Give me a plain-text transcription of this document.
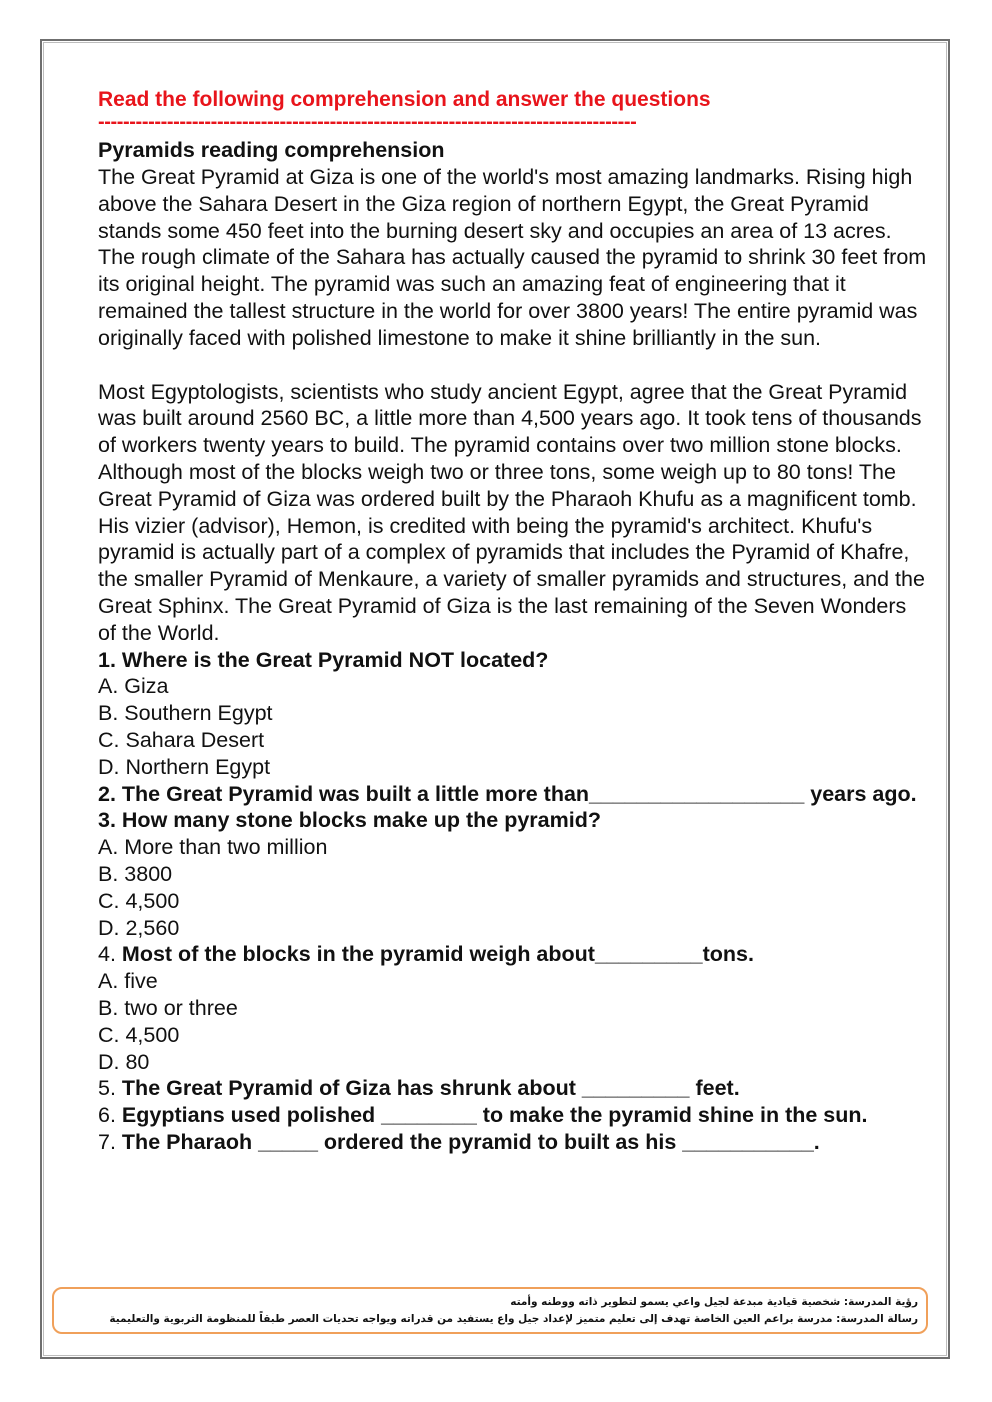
Read the following comprehension and answer the questions
--------------------------------------------------------------------------------------
Pyramids reading comprehension

The Great Pyramid at Giza is one of the world's most amazing landmarks. Rising high above the Sahara Desert in the Giza region of northern Egypt, the Great Pyramid stands some 450 feet into the burning desert sky and occupies an area of 13 acres. The rough climate of the Sahara has actually caused the pyramid to shrink 30 feet from its original height. The pyramid was such an amazing feat of engineering that it remained the tallest structure in the world for over 3800 years! The entire pyramid was originally faced with polished limestone to make it shine brilliantly in the sun.

Most Egyptologists, scientists who study ancient Egypt, agree that the Great Pyramid was built around 2560 BC, a little more than 4,500 years ago. It took tens of thousands of workers twenty years to build. The pyramid contains over two million stone blocks. Although most of the blocks weigh two or three tons, some weigh up to 80 tons! The Great Pyramid of Giza was ordered built by the Pharaoh Khufu as a magnificent tomb. His vizier (advisor), Hemon, is credited with being the pyramid's architect. Khufu's pyramid is actually part of a complex of pyramids that includes the Pyramid of Khafre, the smaller Pyramid of Menkaure, a variety of smaller pyramids and structures, and the Great Sphinx. The Great Pyramid of Giza is the last remaining of the Seven Wonders of the World.

1. Where is the Great Pyramid NOT located?

A. Giza

B. Southern Egypt

C. Sahara Desert

D. Northern Egypt

2. The Great Pyramid was built a little more than__________________ years ago.

3. How many stone blocks make up the pyramid?

A. More than two million

B. 3800

C. 4,500

D. 2,560

4. Most of the blocks in the pyramid weigh about_________tons.

A. five

B. two or three

C. 4,500

D. 80

5. The Great Pyramid of Giza has shrunk about _________ feet.

6. Egyptians used polished ________ to make the pyramid shine in the sun.

7. The Pharaoh _____ ordered the pyramid to built as his ___________.

رؤية المدرسة: شخصية قيادية مبدعة لجيل واعي يسمو لتطوير ذاته ووطنه وأمته
رسالة المدرسة: مدرسة براعم العين الخاصة تهدف إلى تعليم متميز لإعداد جيل واع يستفيد من قدراته ويواجه تحديات العصر طبقاً للمنظومة التربوية والتعليمية
